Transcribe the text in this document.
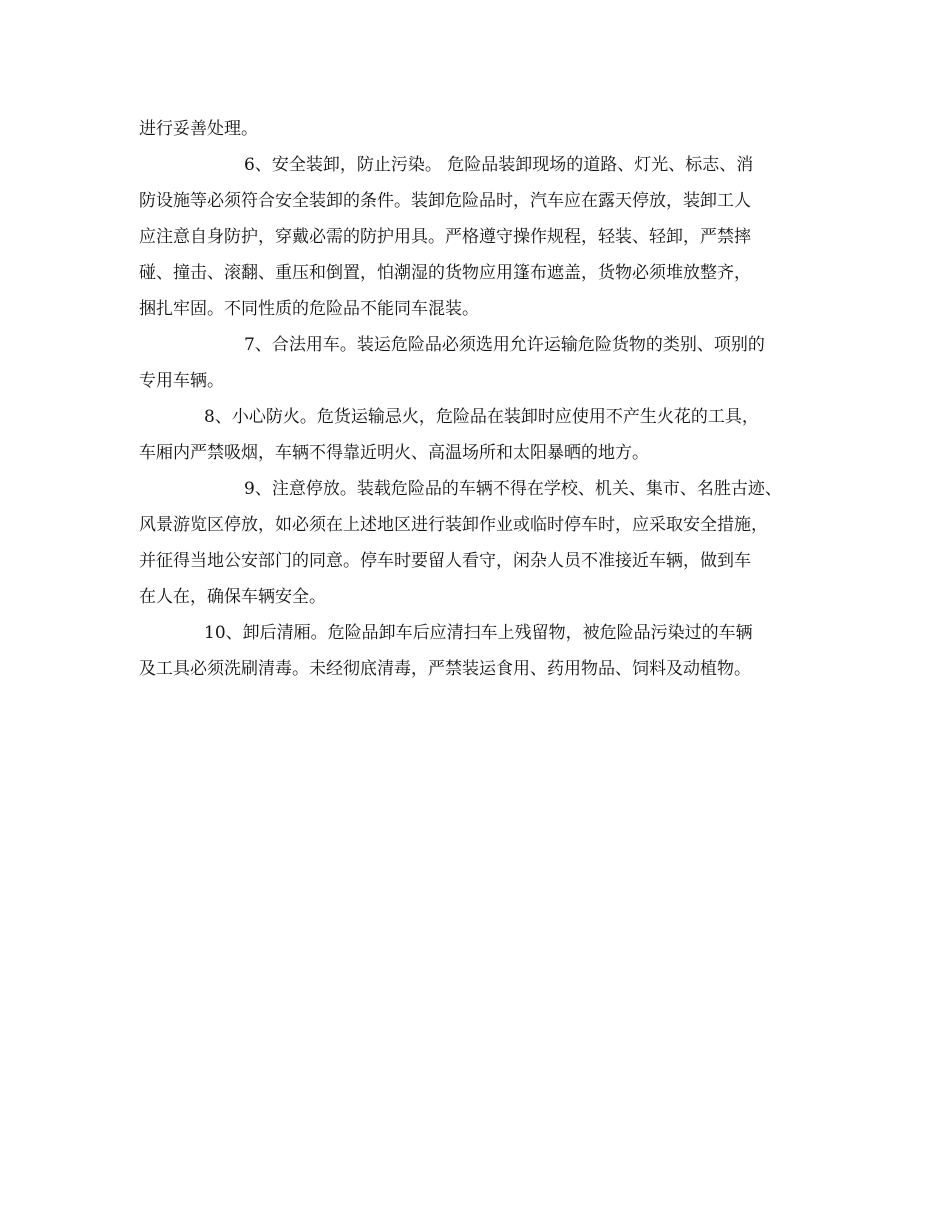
进行妥善处理。
6、安全装卸，防止污染。 危险品装卸现场的道路、灯光、标志、消
防设施等必须符合安全装卸的条件。装卸危险品时，汽车应在露天停放，装卸工人
应注意自身防护，穿戴必需的防护用具。严格遵守操作规程，轻装、轻卸，严禁摔
碰、撞击、滚翻、重压和倒置，怕潮湿的货物应用篷布遮盖，货物必须堆放整齐，
捆扎牢固。不同性质的危险品不能同车混装。
7、合法用车。装运危险品必须选用允许运输危险货物的类别、项别的
专用车辆。
8、小心防火。危货运输忌火，危险品在装卸时应使用不产生火花的工具，
车厢内严禁吸烟，车辆不得靠近明火、高温场所和太阳暴晒的地方。
9、注意停放。装载危险品的车辆不得在学校、机关、集市、名胜古迹、
风景游览区停放，如必须在上述地区进行装卸作业或临时停车时，应采取安全措施，
并征得当地公安部门的同意。停车时要留人看守，闲杂人员不准接近车辆，做到车
在人在，确保车辆安全。
10、卸后清厢。危险品卸车后应清扫车上残留物，被危险品污染过的车辆
及工具必须洗刷清毒。未经彻底清毒，严禁装运食用、药用物品、饲料及动植物。
